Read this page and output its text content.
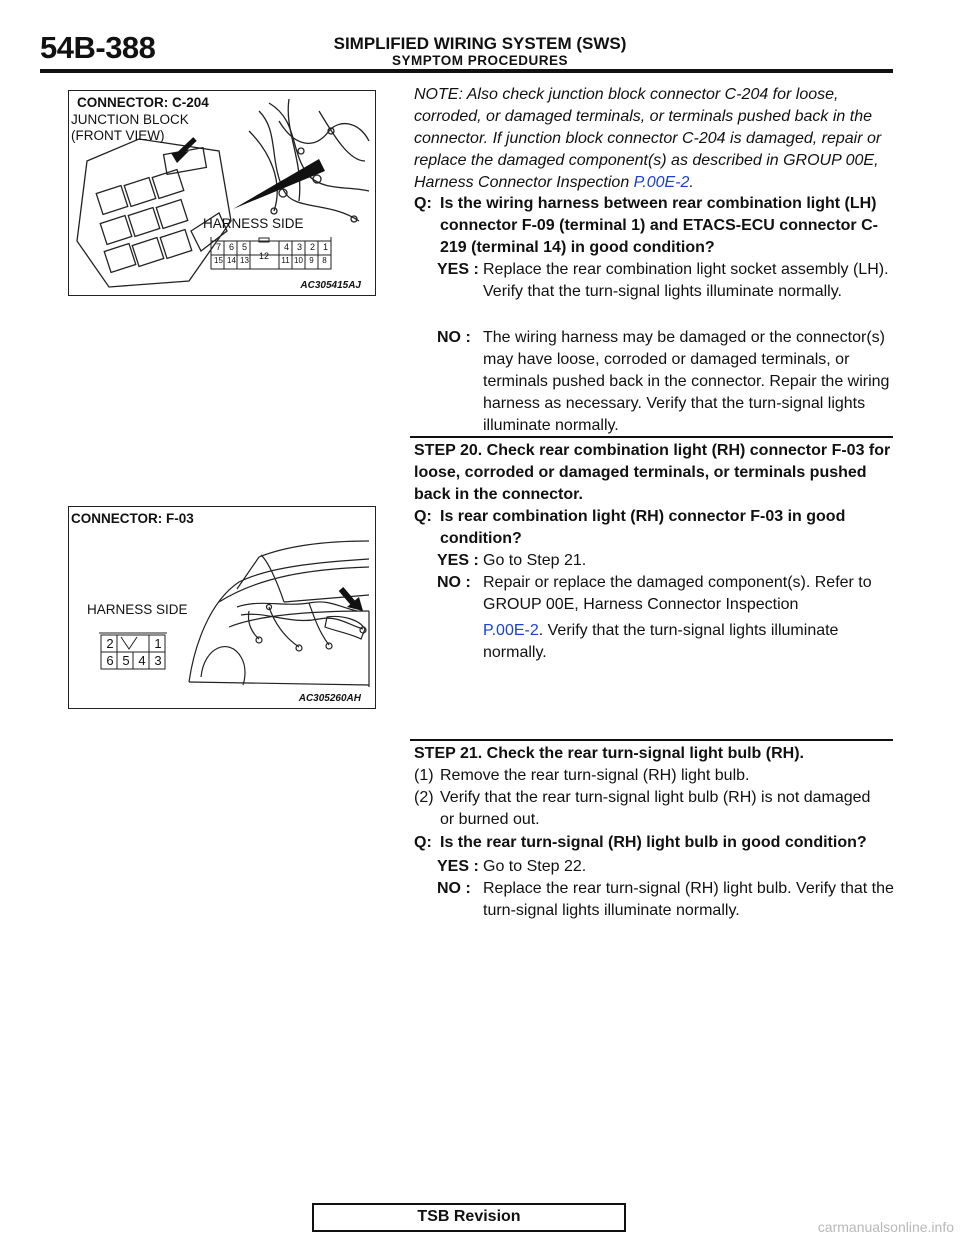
54B-388	SIMPLIFIED WIRING SYSTEM (SWS)
SYMPTOM PROCEDURES
CONNECTOR: C-204
JUNCTION BLOCK
(FRONT VIEW)
HARNESS SIDE
7 6 5	4 3 2 1
15 14 13	12	11 10 9	8
AC305415AJ
CONNECTOR: F-03
HARNESS SIDE
2	1
6 5 4 3
AC305260AH
NOTE: Also check junction block connector C-204 for loose, corroded, or damaged terminals, or terminals pushed back in the connector. If junction block connector C-204 is damaged, repair or replace the damaged component(s) as described in GROUP 00E, Harness Connector Inspection P.00E-2.
Q: Is the wiring harness between rear combination light (LH) connector F-09 (terminal 1) and ETACS-ECU connector C-219 (terminal 14) in good condition?
YES : Replace the rear combination light socket assembly (LH). Verify that the turn-signal lights illuminate normally.
NO : The wiring harness may be damaged or the connector(s) may have loose, corroded or damaged terminals, or terminals pushed back in the connector. Repair the wiring harness as necessary. Verify that the turn-signal lights illuminate normally.
STEP 20. Check rear combination light (RH) connector F-03 for loose, corroded or damaged terminals, or terminals pushed back in the connector.
Q: Is rear combination light (RH) connector F-03 in good condition?
YES : Go to Step 21.
NO : Repair or replace the damaged component(s). Refer to GROUP 00E, Harness Connector Inspection
P.00E-2. Verify that the turn-signal lights illuminate normally.
STEP 21. Check the rear turn-signal light bulb (RH).
(1) Remove the rear turn-signal (RH) light bulb.
(2) Verify that the rear turn-signal light bulb (RH) is not damaged or burned out.
Q: Is the rear turn-signal (RH) light bulb in good condition?
YES : Go to Step 22.
NO : Replace the rear turn-signal (RH) light bulb. Verify that the turn-signal lights illuminate normally.
TSB Revision
carmanualsonline.info
